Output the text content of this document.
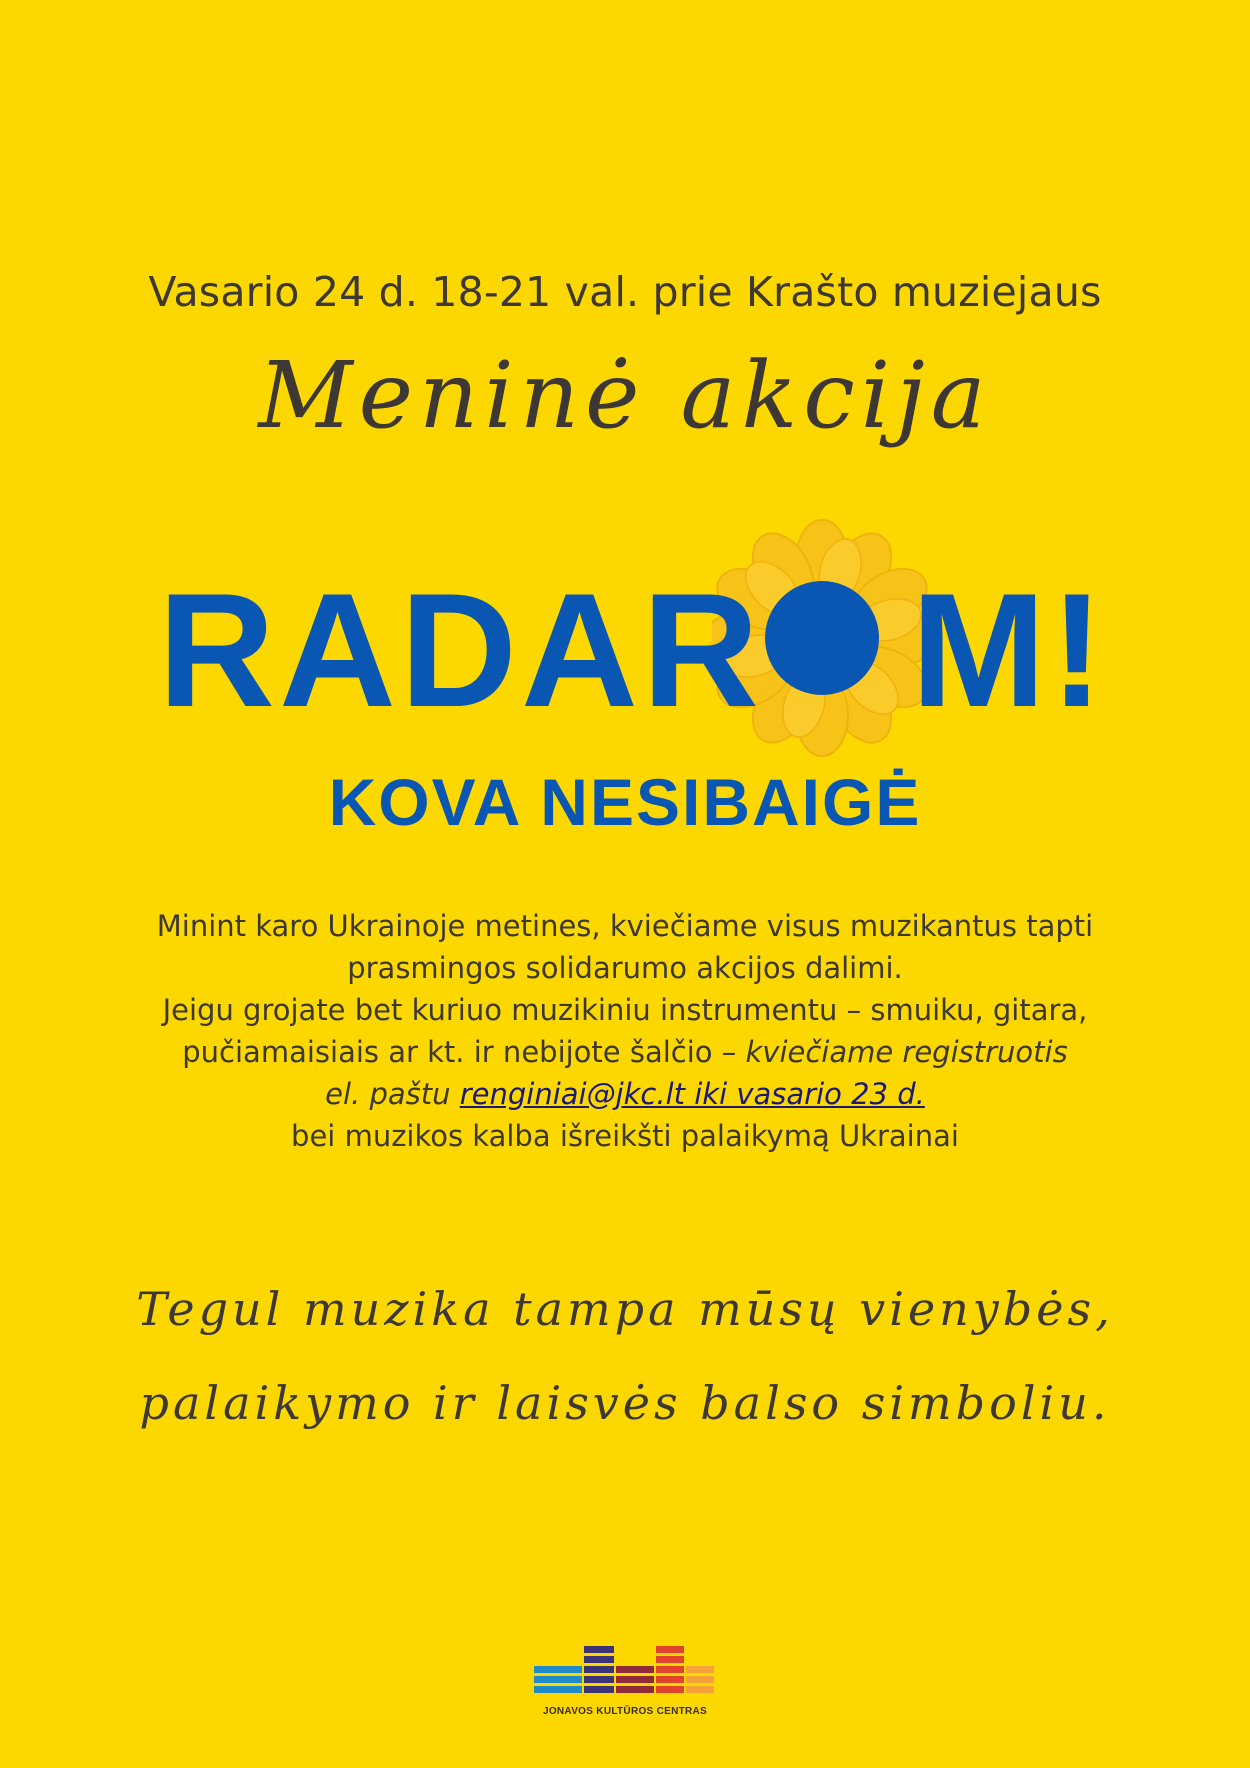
Vasario 24 d. 18-21 val. prie Krašto muziejaus
Meninė akcija
RADAR M!
KOVA NESIBAIGĖ

Minint karo Ukrainoje metines, kviečiame visus muzikantus tapti

prasmingos solidarumo akcijos dalimi.

Jeigu grojate bet kuriuo muzikiniu instrumentu – smuiku, gitara,

pučiamaisiais ar kt. ir nebijote šalčio – kviečiame registruotis

el. paštu renginiai@jkc.lt iki vasario 23 d.

bei muzikos kalba išreikšti palaikymą Ukrainai

Tegul muzika tampa mūsų vienybės,
palaikymo ir laisvės balso simboliu.
JONAVOS KULTŪROS CENTRAS
